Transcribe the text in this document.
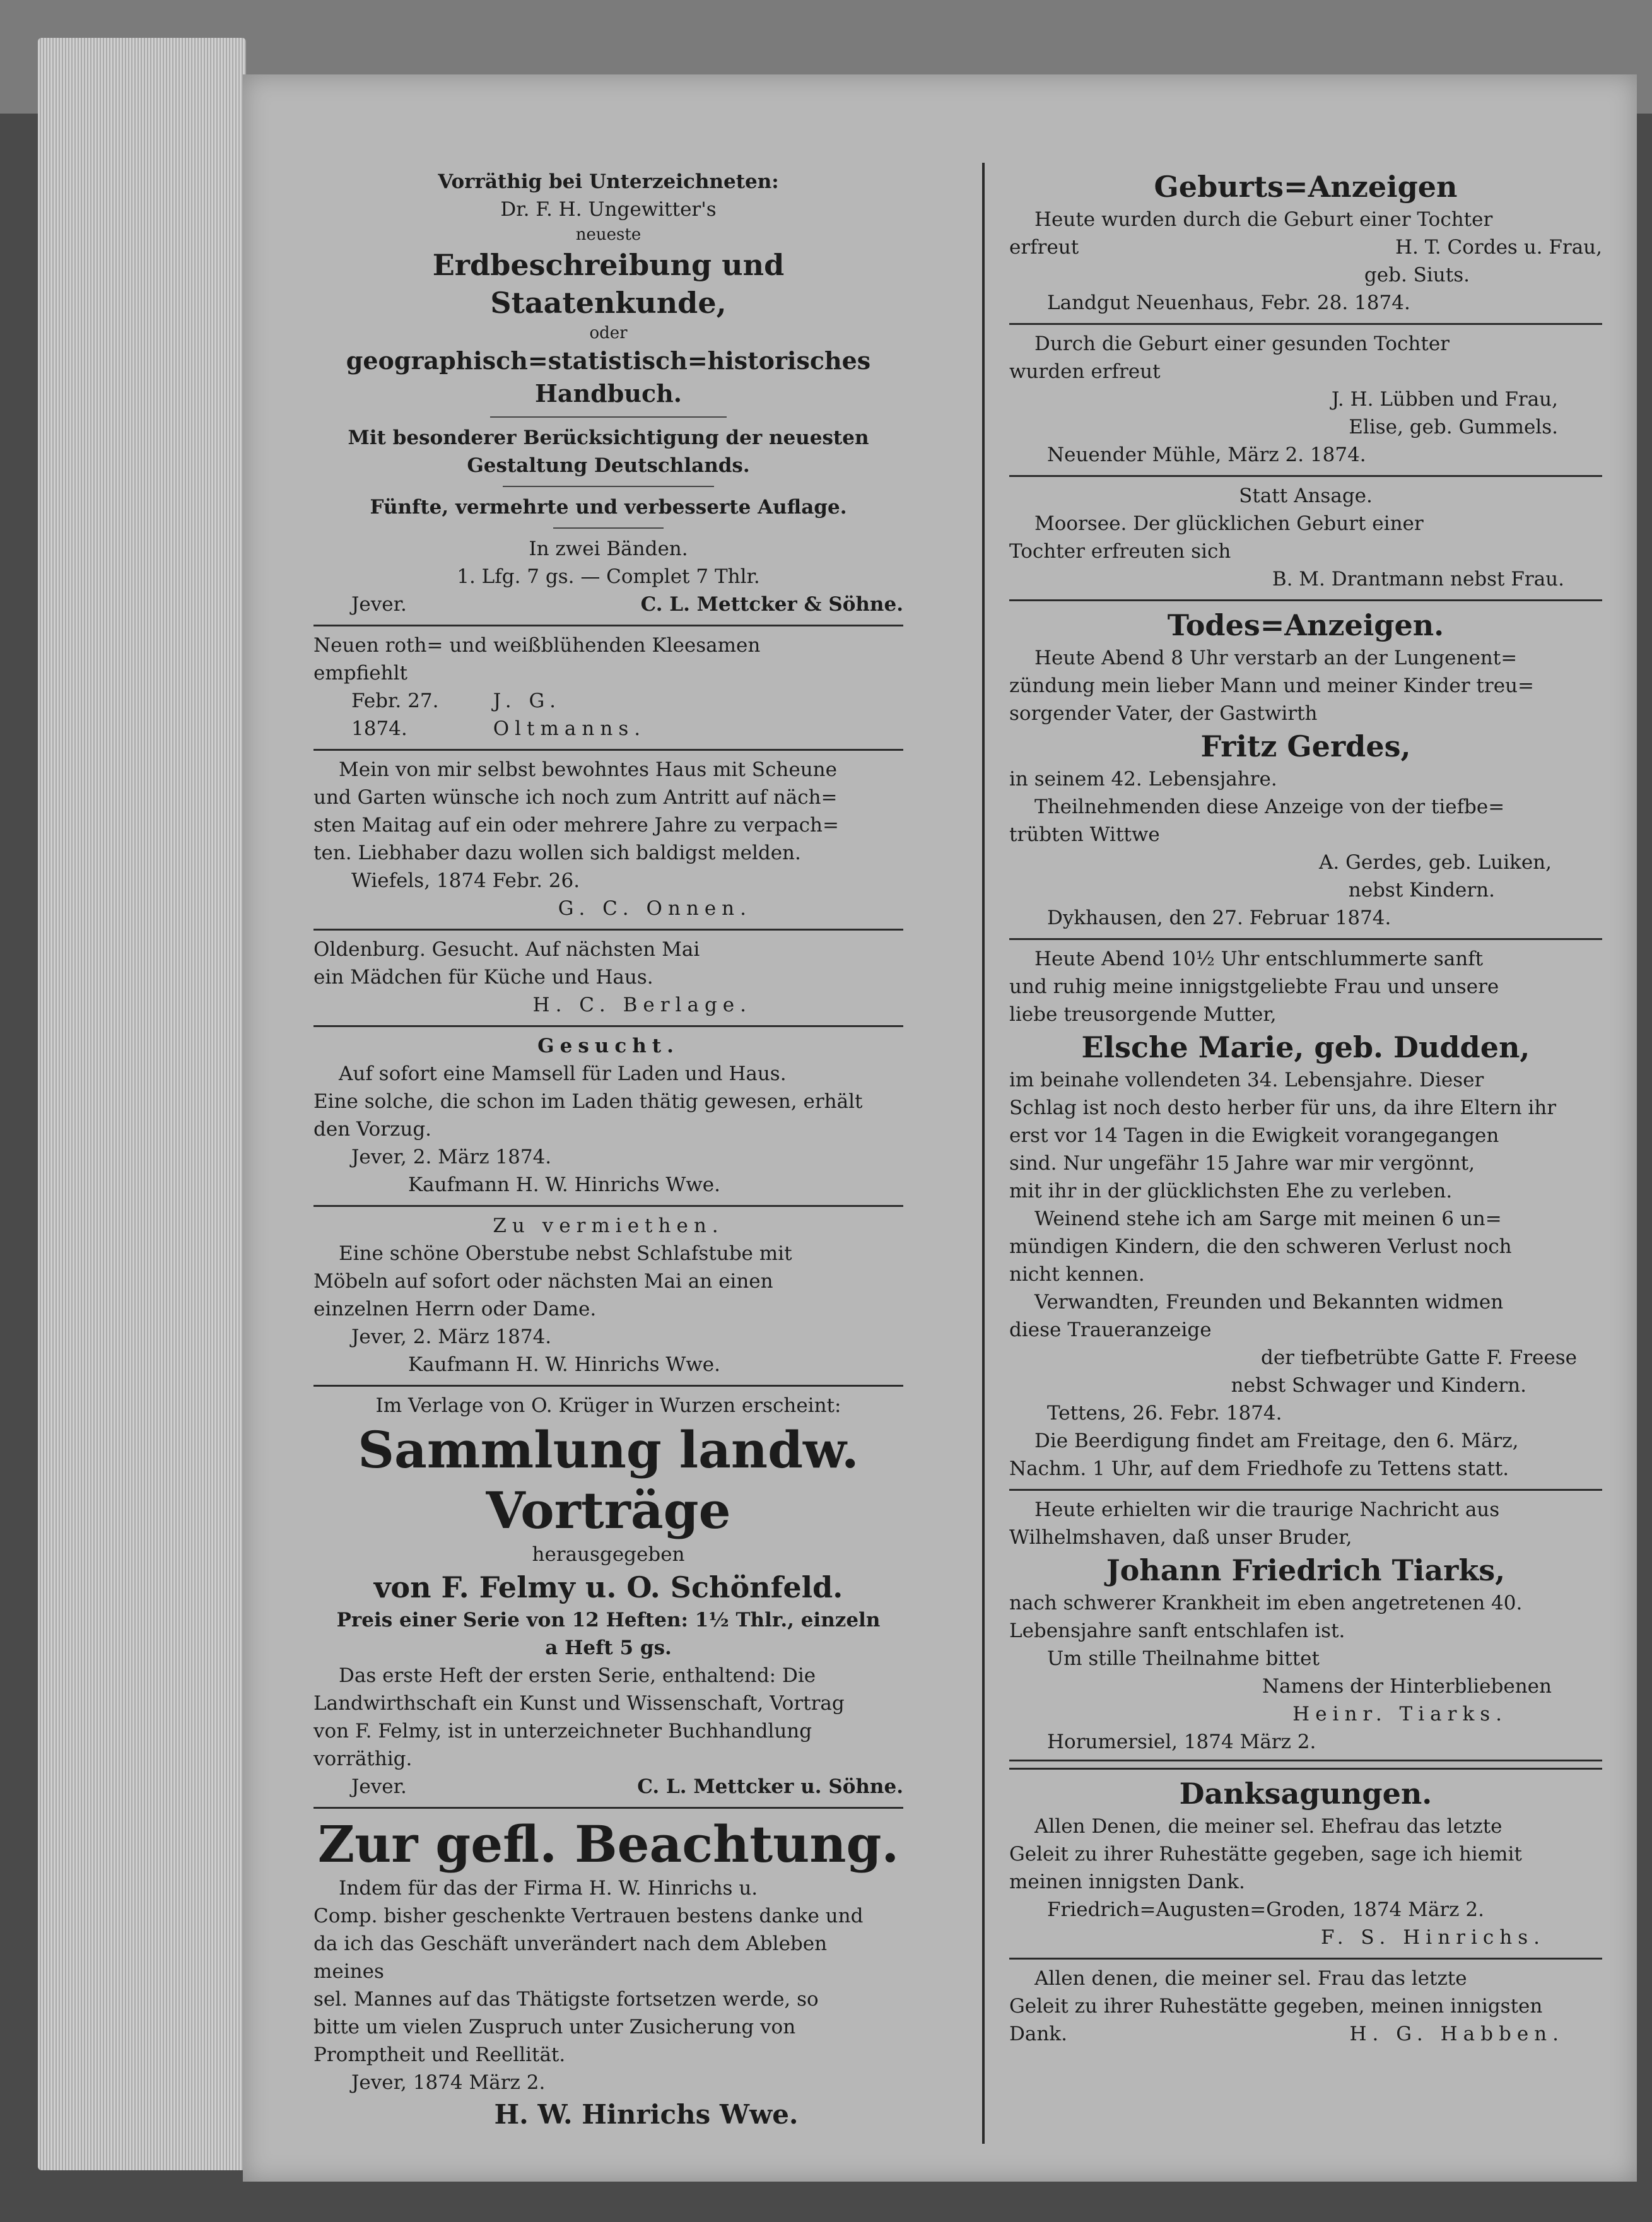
Vorräthig bei Unterzeichneten:

Dr. F. H. Ungewitter's

neueste

Erdbeschreibung und Staatenkunde,

oder

geographisch=statistisch=historisches Handbuch.

Mit besonderer Berücksichtigung der neuesten

Gestaltung Deutschlands.

Fünfte, vermehrte und verbesserte Auflage.

In zwei Bänden.

1. Lfg. 7 gs. — Complet 7 Thlr.

Jever.	C. L. Mettcker & Söhne.

Neuen roth= und weißblühenden Kleesamen

empfiehlt

Febr. 27. 1874.
J. G. Oltmanns.

Mein von mir selbst bewohntes Haus mit Scheune

und Garten wünsche ich noch zum Antritt auf näch=

sten Maitag auf ein oder mehrere Jahre zu verpach=

ten. Liebhaber dazu wollen sich baldigst melden.

Wiefels, 1874 Febr. 26.

G. C. Onnen.

Oldenburg. Gesucht. Auf nächsten Mai

ein Mädchen für Küche und Haus.

H. C. Berlage.

Gesucht.

Auf sofort eine Mamsell für Laden und Haus.

Eine solche, die schon im Laden thätig gewesen, erhält

den Vorzug.

Jever, 2. März 1874.

Kaufmann H. W. Hinrichs Wwe.

Zu vermiethen.

Eine schöne Oberstube nebst Schlafstube mit

Möbeln auf sofort oder nächsten Mai an einen

einzelnen Herrn oder Dame.

Jever, 2. März 1874.

Kaufmann H. W. Hinrichs Wwe.

Im Verlage von O. Krüger in Wurzen erscheint:

Sammlung landw. Vorträge

herausgegeben

von F. Felmy u. O. Schönfeld.

Preis einer Serie von 12 Heften: 1½ Thlr., einzeln

a Heft 5 gs.

Das erste Heft der ersten Serie, enthaltend: Die

Landwirthschaft ein Kunst und Wissenschaft, Vortrag

von F. Felmy, ist in unterzeichneter Buchhandlung

vorräthig.

Jever.	C. L. Mettcker u. Söhne.

Zur gefl. Beachtung.

Indem für das der Firma H. W. Hinrichs u.

Comp. bisher geschenkte Vertrauen bestens danke und

da ich das Geschäft unverändert nach dem Ableben meines

sel. Mannes auf das Thätigste fortsetzen werde, so

bitte um vielen Zuspruch unter Zusicherung von

Promptheit und Reellität.

Jever, 1874 März 2.

H. W. Hinrichs Wwe.

Geburts=Anzeigen

Heute wurden durch die Geburt einer Tochter

erfreut	H. T. Cordes u. Frau,

geb. Siuts.

Landgut Neuenhaus, Febr. 28. 1874.

Durch die Geburt einer gesunden Tochter

wurden erfreut

J. H. Lübben und Frau,

Elise, geb. Gummels.

Neuender Mühle, März 2. 1874.

Statt Ansage.

Moorsee. Der glücklichen Geburt einer

Tochter erfreuten sich

B. M. Drantmann nebst Frau.

Todes=Anzeigen.

Heute Abend 8 Uhr verstarb an der Lungenent=

zündung mein lieber Mann und meiner Kinder treu=

sorgender Vater, der Gastwirth

Fritz Gerdes,

in seinem 42. Lebensjahre.

Theilnehmenden diese Anzeige von der tiefbe=

trübten Wittwe

A. Gerdes, geb. Luiken,

nebst Kindern.

Dykhausen, den 27. Februar 1874.

Heute Abend 10½ Uhr entschlummerte sanft

und ruhig meine innigstgeliebte Frau und unsere

liebe treusorgende Mutter,

Elsche Marie, geb. Dudden,

im beinahe vollendeten 34. Lebensjahre. Dieser

Schlag ist noch desto herber für uns, da ihre Eltern ihr

erst vor 14 Tagen in die Ewigkeit vorangegangen

sind. Nur ungefähr 15 Jahre war mir vergönnt,

mit ihr in der glücklichsten Ehe zu verleben.

Weinend stehe ich am Sarge mit meinen 6 un=

mündigen Kindern, die den schweren Verlust noch

nicht kennen.

Verwandten, Freunden und Bekannten widmen

diese Traueranzeige

der tiefbetrübte Gatte F. Freese

nebst Schwager und Kindern.

Tettens, 26. Febr. 1874.

Die Beerdigung findet am Freitage, den 6. März,

Nachm. 1 Uhr, auf dem Friedhofe zu Tettens statt.

Heute erhielten wir die traurige Nachricht aus

Wilhelmshaven, daß unser Bruder,

Johann Friedrich Tiarks,

nach schwerer Krankheit im eben angetretenen 40.

Lebensjahre sanft entschlafen ist.

Um stille Theilnahme bittet

Namens der Hinterbliebenen

Heinr. Tiarks.

Horumersiel, 1874 März 2.

Danksagungen.

Allen Denen, die meiner sel. Ehefrau das letzte

Geleit zu ihrer Ruhestätte gegeben, sage ich hiemit

meinen innigsten Dank.

Friedrich=Augusten=Groden, 1874 März 2.

F. S. Hinrichs.

Allen denen, die meiner sel. Frau das letzte

Geleit zu ihrer Ruhestätte gegeben, meinen innigsten

Dank.	H. G. Habben.
